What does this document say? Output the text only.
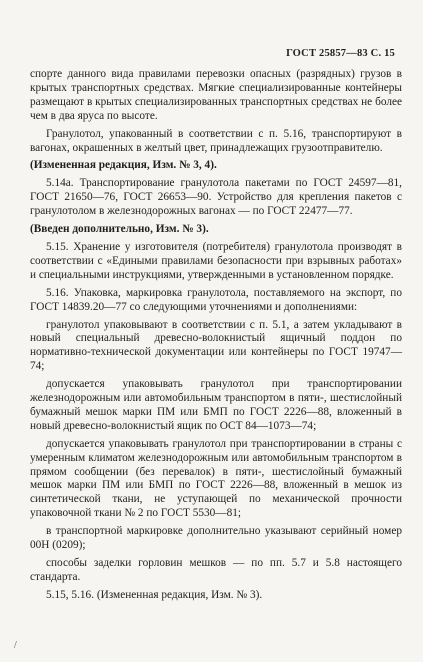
ГОСТ 25857—83 С. 15

спорте данного вида правилами перевозки опасных (разрядных) грузов в крытых транспортных средствах. Мягкие специализированные контейнеры размещают в крытых специализированных транспортных средствах не более чем в два яруса по высоте.

Гранулотол, упакованный в соответствии с п. 5.16, транспортируют в вагонах, окрашенных в желтый цвет, принадлежащих грузоотправителю.

(Измененная редакция, Изм. № 3, 4).

5.14а. Транспортирование гранулотола пакетами по ГОСТ 24597—81, ГОСТ 21650—76, ГОСТ 26653—90. Устройство для крепления пакетов с гранулотолом в железнодорожных вагонах — по ГОСТ 22477—77.

(Введен дополнительно, Изм. № 3).

5.15. Хранение у изготовителя (потребителя) гранулотола производят в соответствии с «Едиными правилами безопасности при взрывных работах» и специальными инструкциями, утвержденными в установленном порядке.

5.16. Упаковка, маркировка гранулотола, поставляемого на экспорт, по ГОСТ 14839.20—77 со следующими уточнениями и дополнениями:

гранулотол упаковывают в соответствии с п. 5.1, а затем укладывают в новый специальный древесно-волокнистый ящичный поддон по нормативно-технической документации или контейнеры по ГОСТ 19747—74;

допускается упаковывать гранулотол при транспортировании железнодорожным или автомобильным транспортом в пяти-, шестислойный бумажный мешок марки ПМ или БМП по ГОСТ 2226—88, вложенный в новый древесно-волокнистый ящик по ОСТ 84—1073—74;

допускается упаковывать гранулотол при транспортировании в страны с умеренным климатом железнодорожным или автомобильным транспортом в прямом сообщении (без перевалок) в пяти-, шестислойный бумажный мешок марки ПМ или БМП по ГОСТ 2226—88, вложенный в мешок из синтетической ткани, не уступающей по механической прочности упаковочной ткани № 2 по ГОСТ 5530—81;

в транспортной маркировке дополнительно указывают серийный номер 00Н (0209);

способы заделки горловин мешков — по пп. 5.7 и 5.8 настоящего стандарта.

5.15, 5.16. (Измененная редакция, Изм. № 3).

/
